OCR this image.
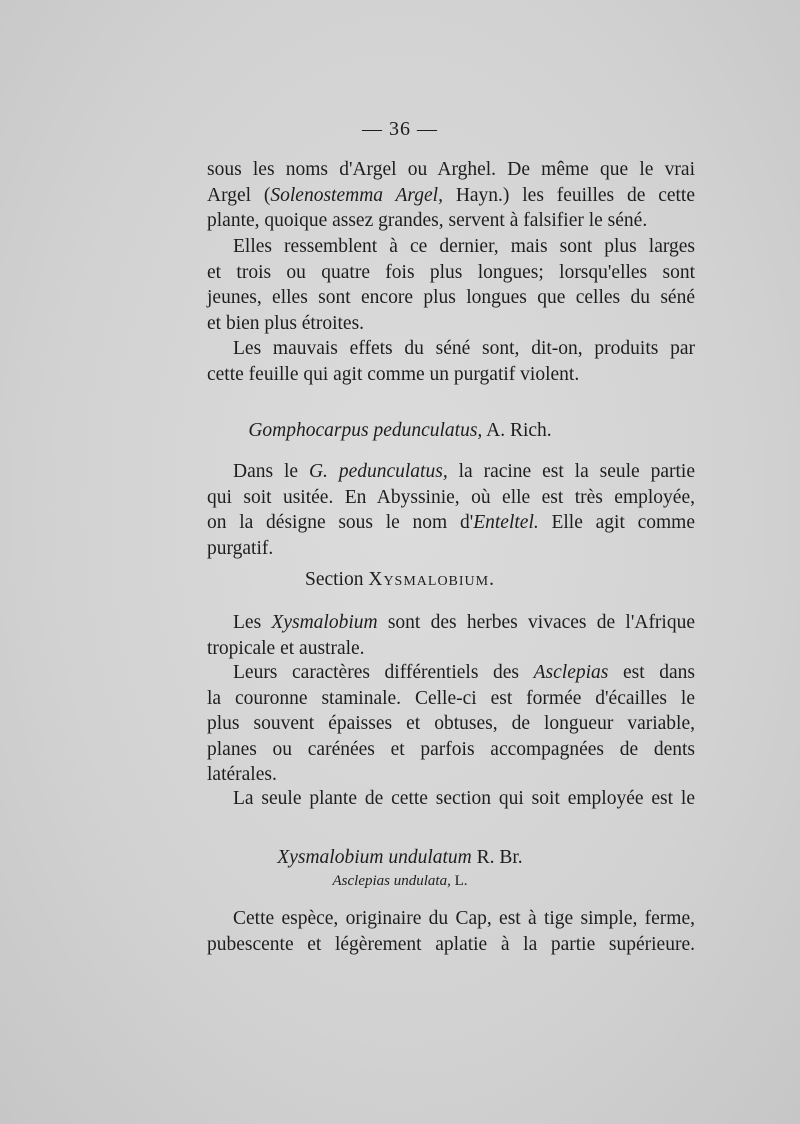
— 36 —
sous les noms d'Argel ou Arghel. De même que le vrai
Argel (Solenostemma Argel, Hayn.) les feuilles de cette
plante, quoique assez grandes, servent à falsifier le séné.
Elles ressemblent à ce dernier, mais sont plus larges
et trois ou quatre fois plus longues; lorsqu'elles sont
jeunes, elles sont encore plus longues que celles du séné
et bien plus étroites.
Les mauvais effets du séné sont, dit-on, produits par
cette feuille qui agit comme un purgatif violent.
Gomphocarpus pedunculatus, A. Rich.
Dans le G. pedunculatus, la racine est la seule partie
qui soit usitée. En Abyssinie, où elle est très employée,
on la désigne sous le nom d'Enteltel. Elle agit comme
purgatif.
Section Xysmalobium.
Les Xysmalobium sont des herbes vivaces de l'Afrique
tropicale et australe.
Leurs caractères différentiels des Asclepias est dans
la couronne staminale. Celle-ci est formée d'écailles le
plus souvent épaisses et obtuses, de longueur variable,
planes ou carénées et parfois accompagnées de dents
latérales.
La seule plante de cette section qui soit employée est le
Xysmalobium undulatum R. Br.
Asclepias undulata, L.
Cette espèce, originaire du Cap, est à tige simple, ferme,
pubescente et légèrement aplatie à la partie supérieure.
